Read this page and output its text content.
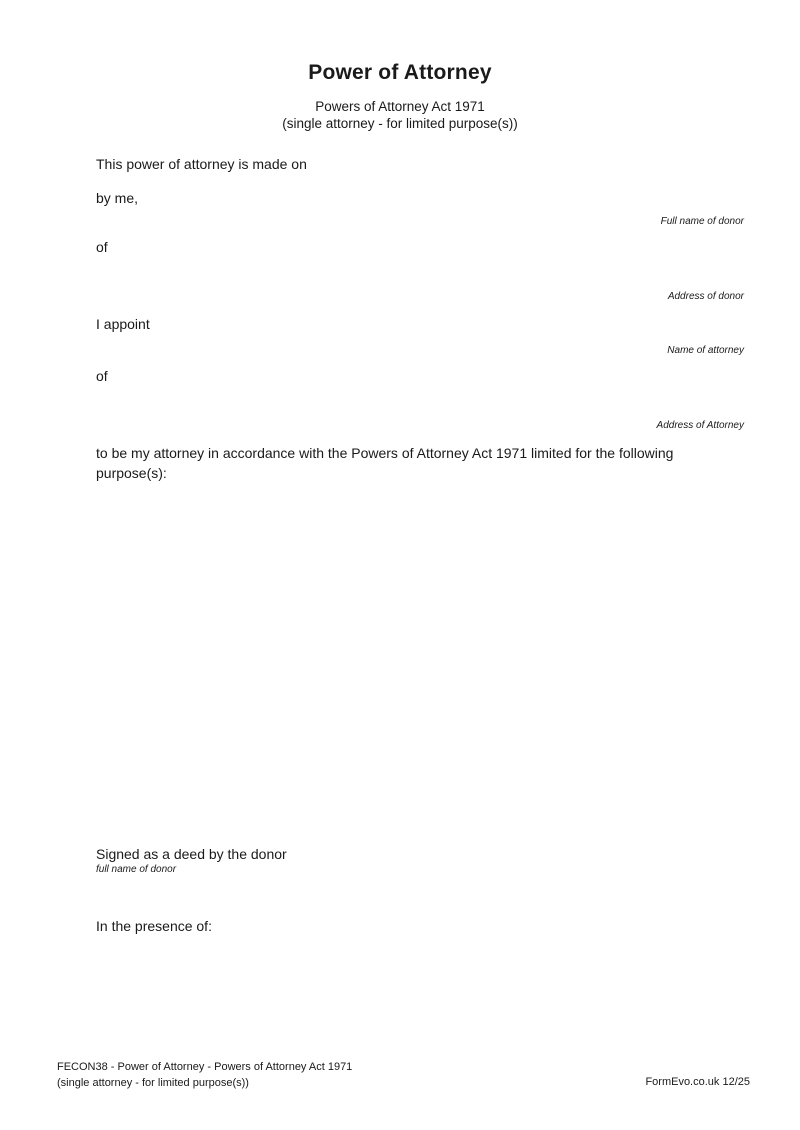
Power of Attorney
Powers of Attorney Act 1971
(single attorney - for limited purpose(s))
This power of attorney is made on
by me,
Full name of donor
of
Address of donor
I appoint
Name of attorney
of
Address of Attorney
to be my attorney in accordance with the Powers of Attorney Act 1971 limited for the following purpose(s):
Signed as a deed by the donor
full name of donor
In the presence of:
FECON38 - Power of Attorney - Powers of Attorney Act 1971
(single attorney - for limited purpose(s))	FormEvo.co.uk 12/25
